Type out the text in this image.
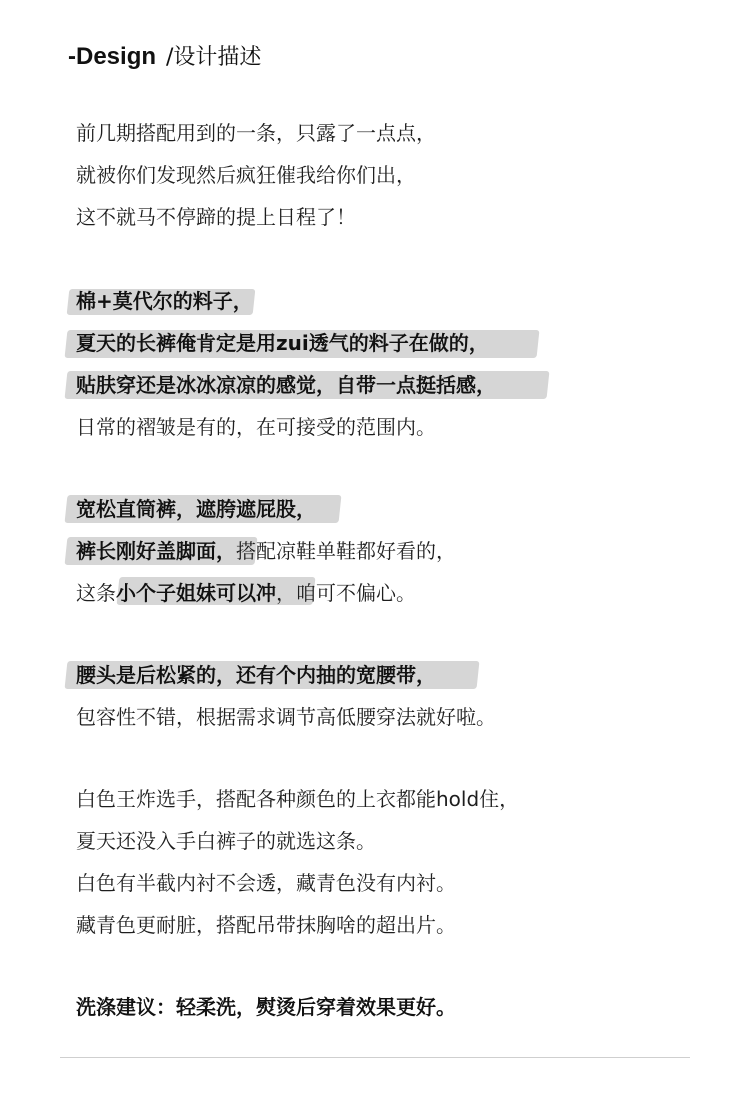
-Design /设计描述
前几期搭配用到的一条，只露了一点点，
就被你们发现然后疯狂催我给你们出，
这不就马不停蹄的提上日程了！
棉+莫代尔的料子，
夏天的长裤俺肯定是用zui透气的料子在做的，
贴肤穿还是冰冰凉凉的感觉，自带一点挺括感，
日常的褶皱是有的，在可接受的范围内。
宽松直筒裤，遮胯遮屁股，
裤长刚好盖脚面，搭配凉鞋单鞋都好看的，
这条小个子姐妹可以冲，咱可不偏心。
腰头是后松紧的，还有个内抽的宽腰带，
包容性不错，根据需求调节高低腰穿法就好啦。
白色王炸选手，搭配各种颜色的上衣都能hold住，
夏天还没入手白裤子的就选这条。
白色有半截内衬不会透，藏青色没有内衬。
藏青色更耐脏，搭配吊带抹胸啥的超出片。
洗涤建议：轻柔洗，熨烫后穿着效果更好。
